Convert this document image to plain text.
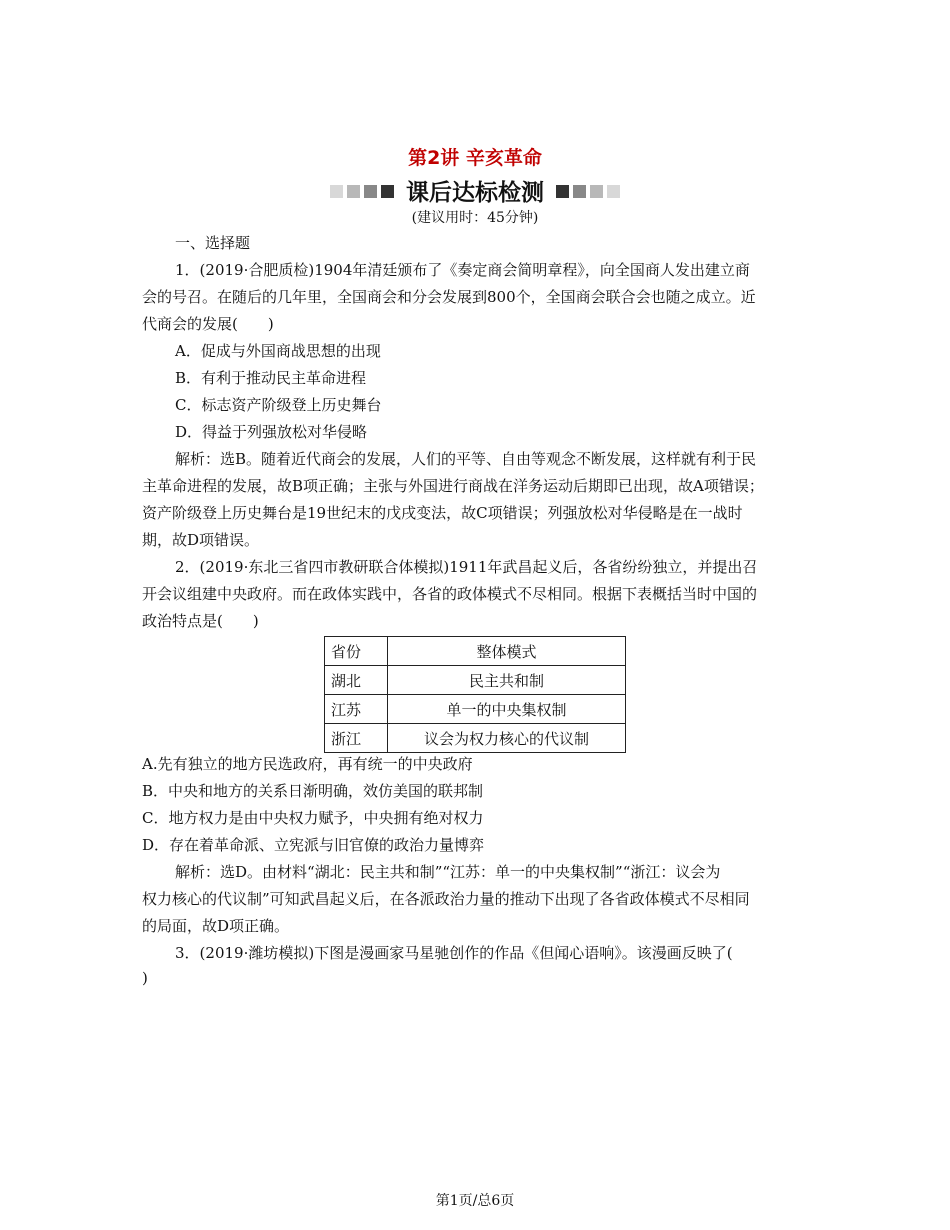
第2讲 辛亥革命
课后达标检测
(建议用时：45分钟)
一、选择题
1．(2019·合肥质检)1904年清廷颁布了《奏定商会简明章程》，向全国商人发出建立商
会的号召。在随后的几年里，全国商会和分会发展到800个，全国商会联合会也随之成立。近
代商会的发展(　　)
A．促成与外国商战思想的出现
B．有利于推动民主革命进程
C．标志资产阶级登上历史舞台
D．得益于列强放松对华侵略
解析：选B。随着近代商会的发展，人们的平等、自由等观念不断发展，这样就有利于民
主革命进程的发展，故B项正确；主张与外国进行商战在洋务运动后期即已出现，故A项错误；
资产阶级登上历史舞台是19世纪末的戊戌变法，故C项错误；列强放松对华侵略是在一战时
期，故D项错误。
2．(2019·东北三省四市教研联合体模拟)1911年武昌起义后，各省纷纷独立，并提出召
开会议组建中央政府。而在政体实践中，各省的政体模式不尽相同。根据下表概括当时中国的
政治特点是(　　)
省份	整体模式
湖北	民主共和制
江苏	单一的中央集权制
浙江	议会为权力核心的代议制
A.先有独立的地方民选政府，再有统一的中央政府
B．中央和地方的关系日渐明确，效仿美国的联邦制
C．地方权力是由中央权力赋予，中央拥有绝对权力
D．存在着革命派、立宪派与旧官僚的政治力量博弈
解析：选D。由材料“湖北：民主共和制”“江苏：单一的中央集权制”“浙江：议会为
权力核心的代议制”可知武昌起义后，在各派政治力量的推动下出现了各省政体模式不尽相同
的局面，故D项正确。
3．(2019·潍坊模拟)下图是漫画家马星驰创作的作品《但闻心语响》。该漫画反映了(
)
第1页/总6页
